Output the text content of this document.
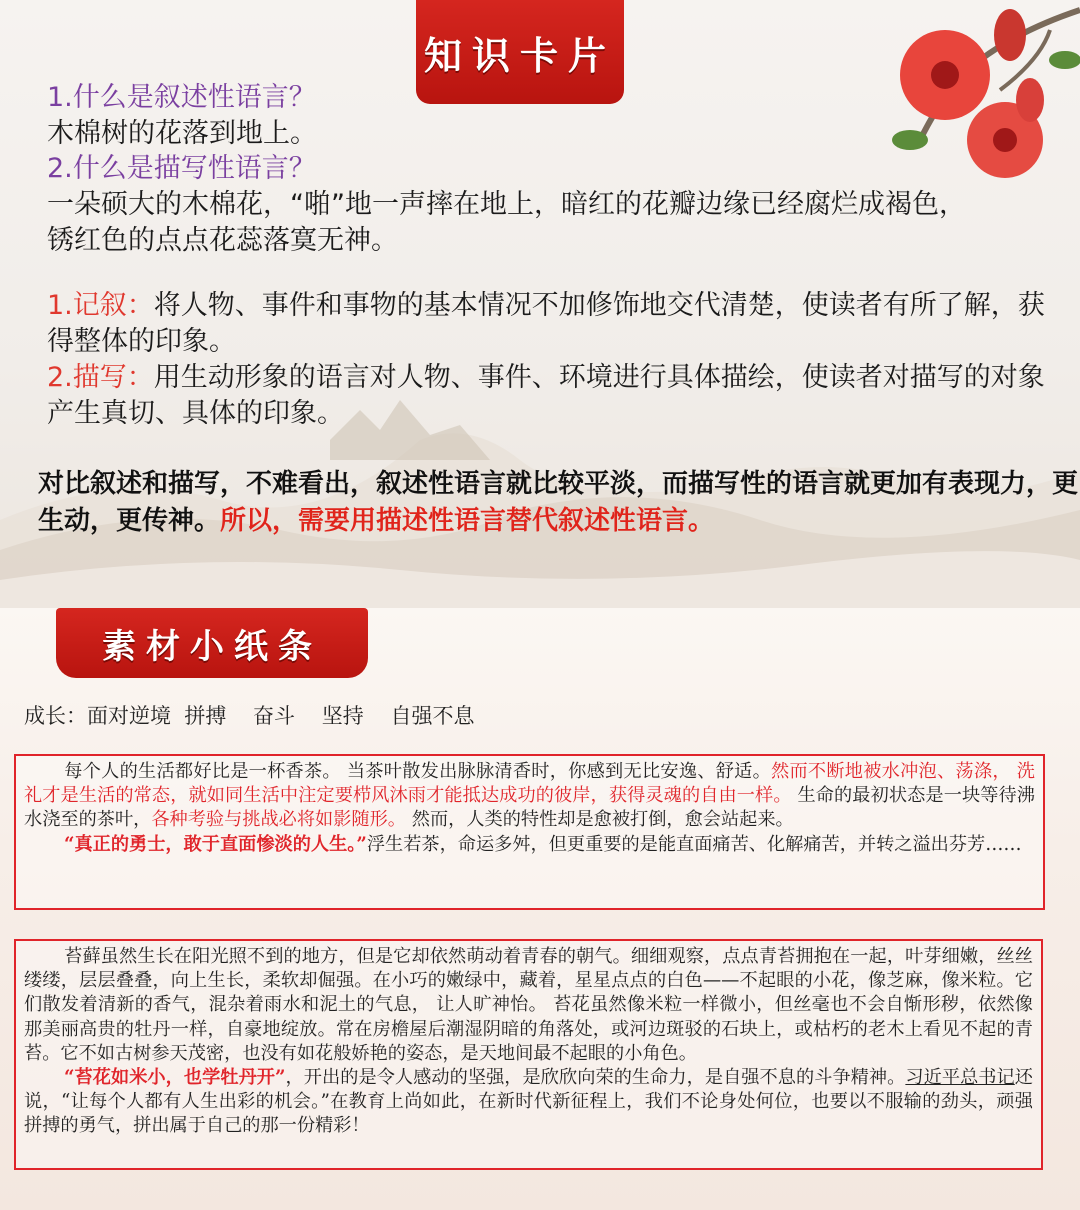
知识卡片
1.什么是叙述性语言？
木棉树的花落到地上。
2.什么是描写性语言？
一朵硕大的木棉花，“啪”地一声摔在地上，暗红的花瓣边缘已经腐烂成褐色，
锈红色的点点花蕊落寞无神。
1.记叙：将人物、事件和事物的基本情况不加修饰地交代清楚，使读者有所了解，获得整体的印象。
2.描写：用生动形象的语言对人物、事件、环境进行具体描绘，使读者对描写的对象产生真切、具体的印象。
对比叙述和描写，不难看出，叙述性语言就比较平淡，而描写性的语言就更加有表现力，更生动，更传神。所以，需要用描述性语言替代叙述性语言。
素材小纸条
成长：面对逆境  拼搏    奋斗    坚持    自强不息
每个人的生活都好比是一杯香茶。 当茶叶散发出脉脉清香时，你感到无比安逸、舒适。然而不断地被水冲泡、荡涤， 洗礼才是生活的常态，就如同生活中注定要栉风沐雨才能抵达成功的彼岸，获得灵魂的自由一样。 生命的最初状态是一块等待沸水浇至的茶叶，各种考验与挑战必将如影随形。 然而，人类的特性却是愈被打倒，愈会站起来。
“真正的勇士，敢于直面惨淡的人生。”浮生若茶，命运多舛，但更重要的是能直面痛苦、化解痛苦，并转之溢出芬芳……
苔藓虽然生长在阳光照不到的地方，但是它却依然萌动着青春的朝气。细细观察，点点青苔拥抱在一起，叶芽细嫩，丝丝缕缕，层层叠叠，向上生长，柔软却倔强。在小巧的嫩绿中，藏着，星星点点的白色——不起眼的小花，像芝麻，像米粒。它们散发着清新的香气，混杂着雨水和泥土的气息， 让人旷神怡。 苔花虽然像米粒一样微小，但丝毫也不会自惭形秽，依然像那美丽高贵的牡丹一样，自豪地绽放。常在房檐屋后潮湿阴暗的角落处，或河边斑驳的石块上，或枯朽的老木上看见不起的青苔。它不如古树参天茂密，也没有如花般娇艳的姿态，是天地间最不起眼的小角色。
“苔花如米小，也学牡丹开”，开出的是令人感动的坚强，是欣欣向荣的生命力，是自强不息的斗争精神。习近平总书记还说，“让每个人都有人生出彩的机会。”在教育上尚如此，在新时代新征程上，我们不论身处何位，也要以不服输的劲头，顽强拼搏的勇气，拼出属于自己的那一份精彩！
